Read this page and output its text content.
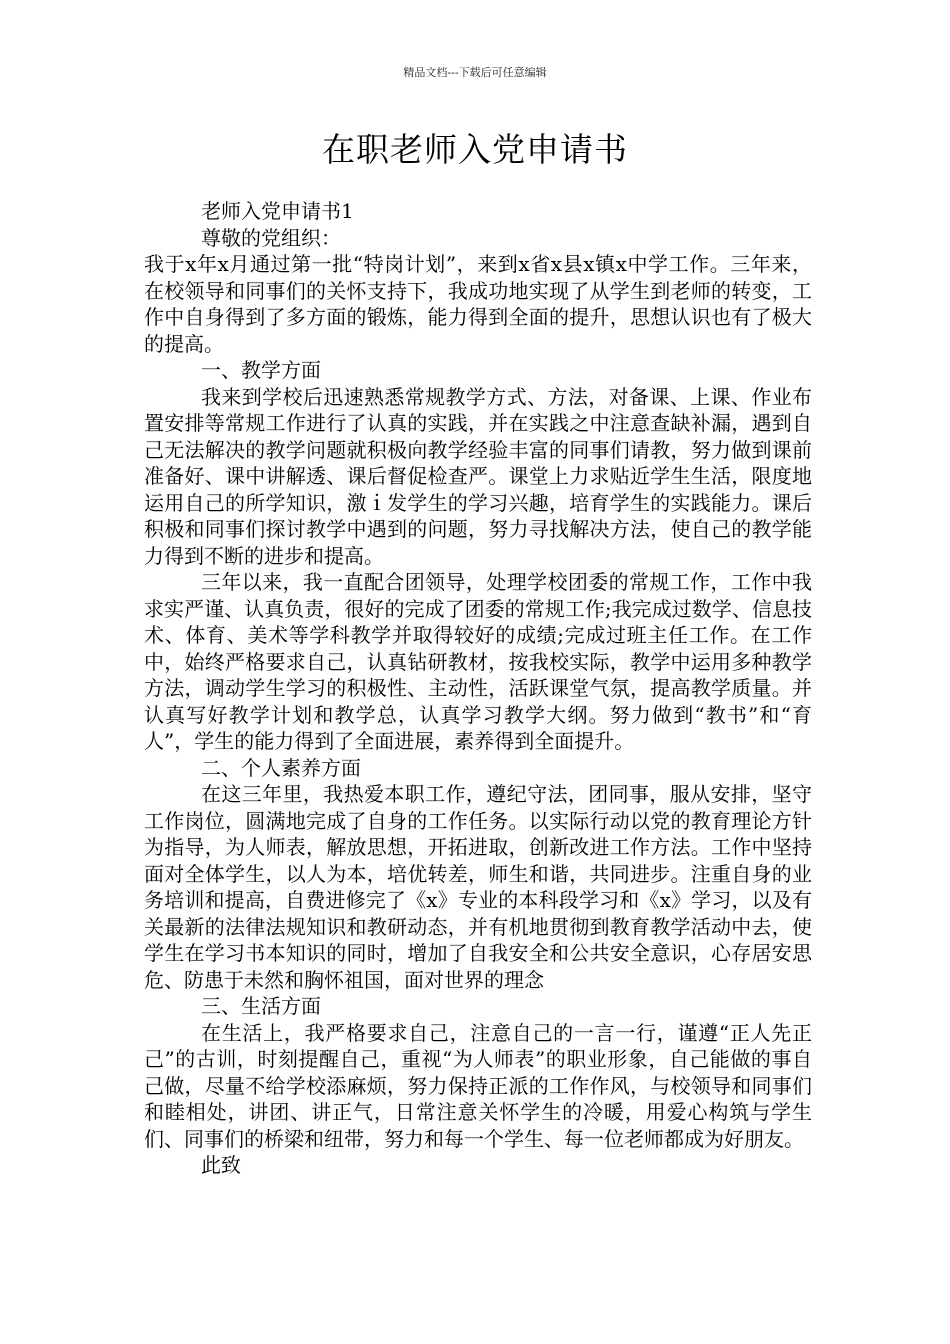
精品文档---下载后可任意编辑
在职老师入党申请书

老师入党申请书1

尊敬的党组织：

我于x年x月通过第一批“特岗计划”，来到x省x县x镇x中学工作。三年来，在校领导和同事们的关怀支持下，我成功地实现了从学生到老师的转变，工作中自身得到了多方面的锻炼，能力得到全面的提升，思想认识也有了极大的提高。

一、教学方面

我来到学校后迅速熟悉常规教学方式、方法，对备课、上课、作业布置安排等常规工作进行了认真的实践，并在实践之中注意查缺补漏，遇到自己无法解决的教学问题就积极向教学经验丰富的同事们请教，努力做到课前准备好、课中讲解透、课后督促检查严。课堂上力求贴近学生生活，限度地运用自己的所学知识，激ｉ发学生的学习兴趣，培育学生的实践能力。课后积极和同事们探讨教学中遇到的问题，努力寻找解决方法，使自己的教学能力得到不断的进步和提高。

三年以来，我一直配合团领导，处理学校团委的常规工作，工作中我求实严谨、认真负责，很好的完成了团委的常规工作;我完成过数学、信息技术、体育、美术等学科教学并取得较好的成绩;完成过班主任工作。在工作中，始终严格要求自己，认真钻研教材，按我校实际，教学中运用多种教学方法，调动学生学习的积极性、主动性，活跃课堂气氛，提高教学质量。并认真写好教学计划和教学总，认真学习教学大纲。努力做到“教书”和“育人”，学生的能力得到了全面进展，素养得到全面提升。

二、个人素养方面

在这三年里，我热爱本职工作，遵纪守法，团同事，服从安排，坚守工作岗位，圆满地完成了自身的工作任务。以实际行动以党的教育理论方针为指导，为人师表，解放思想，开拓进取，创新改进工作方法。工作中坚持面对全体学生，以人为本，培优转差，师生和谐，共同进步。注重自身的业务培训和提高，自费进修完了《x》专业的本科段学习和《x》学习，以及有关最新的法律法规知识和教研动态，并有机地贯彻到教育教学活动中去，使学生在学习书本知识的同时，增加了自我安全和公共安全意识，心存居安思危、防患于未然和胸怀祖国，面对世界的理念

三、生活方面

在生活上，我严格要求自己，注意自己的一言一行，谨遵“正人先正己”的古训，时刻提醒自己，重视“为人师表”的职业形象，自己能做的事自己做，尽量不给学校添麻烦，努力保持正派的工作作风，与校领导和同事们和睦相处，讲团、讲正气，日常注意关怀学生的冷暖，用爱心构筑与学生们、同事们的桥梁和纽带，努力和每一个学生、每一位老师都成为好朋友。

此致
